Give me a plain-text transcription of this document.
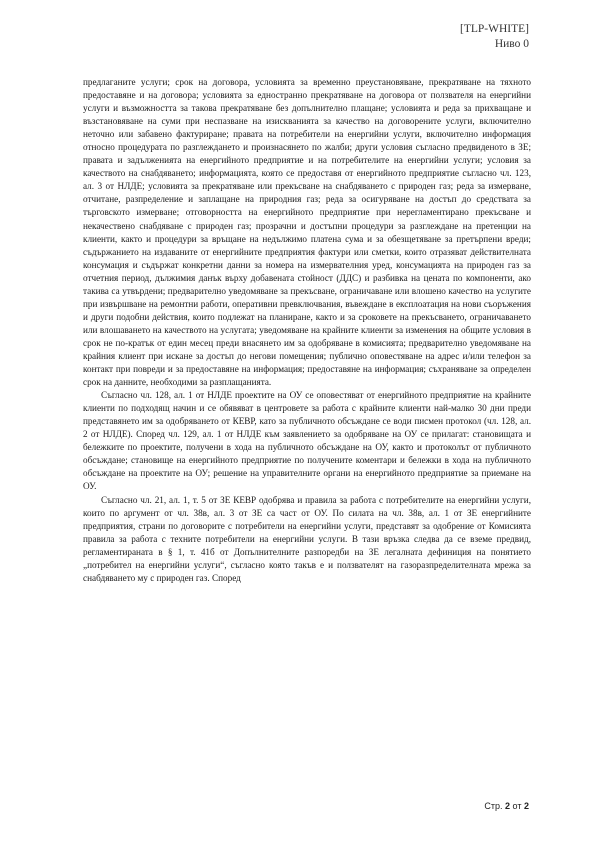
[TLP-WHITE]
Ниво 0

предлаганите услуги; срок на договора, условията за временно преустановяване, прекратяване на тяхното предоставяне и на договора; условията за едностранно прекратяване на договора от ползвателя на енергийни услуги и възможността за такова прекратяване без допълнително плащане; условията и реда за прихващане и възстановяване на суми при неспазване на изискванията за качество на договорените услуги, включително неточно или забавено фактуриране; правата на потребители на енергийни услуги, включително информация относно процедурата по разглеждането и произнасянето по жалби; други условия съгласно предвиденото в ЗЕ; правата и задълженията на енергийното предприятие и на потребителите на енергийни услуги; условия за качеството на снабдяването; информацията, която се предоставя от енергийното предприятие съгласно чл. 123, ал. 3 от НЛДЕ; условията за прекратяване или прекъсване на снабдяването с природен газ; реда за измерване, отчитане, разпределение и заплащане на природния газ; реда за осигуряване на достъп до средствата за търговското измерване; отговорността на енергийното предприятие при нерегламентирано прекъсване и некачествено снабдяване с природен газ; прозрачни и достъпни процедури за разглеждане на претенции на клиенти, както и процедури за връщане на недължимо платена сума и за обезщетяване за претърпени вреди; съдържанието на издаваните от енергийните предприятия фактури или сметки, които отразяват действителната консумация и съдържат конкретни данни за номера на измервателния уред, консумацията на природен газ за отчетния период, дължимия данък върху добавената стойност (ДДС) и разбивка на цената по компоненти, ако такива са утвърдени; предварително уведомяване за прекъсване, ограничаване или влошено качество на услугите при извършване на ремонтни работи, оперативни превключвания, въвеждане в експлоатация на нови съоръжения и други подобни действия, които подлежат на планиране, както и за сроковете на прекъсването, ограничаването или влошаването на качеството на услугата; уведомяване на крайните клиенти за изменения на общите условия в срок не по-кратък от един месец преди внасянето им за одобряване в комисията; предварително уведомяване на крайния клиент при искане за достъп до негови помещения; публично оповестяване на адрес и/или телефон за контакт при повреди и за предоставяне на информация; предоставяне на информация; съхраняване за определен срок на данните, необходими за разплащанията.

Съгласно чл. 128, ал. 1 от НЛДЕ проектите на ОУ се оповестяват от енергийното предприятие на крайните клиенти по подходящ начин и се обявяват в центровете за работа с крайните клиенти най-малко 30 дни преди представянето им за одобряването от КЕВР, като за публичното обсъждане се води писмен протокол (чл. 128, ал. 2 от НЛДЕ). Според чл. 129, ал. 1 от НЛДЕ към заявлението за одобряване на ОУ се прилагат: становищата и бележките по проектите, получени в хода на публичното обсъждане на ОУ, както и протоколът от публичното обсъждане; становище на енергийното предприятие по получените коментари и бележки в хода на публичното обсъждане на проектите на ОУ; решение на управителните органи на енергийното предприятие за приемане на ОУ.

Съгласно чл. 21, ал. 1, т. 5 от ЗЕ КЕВР одобрява и правила за работа с потребителите на енергийни услуги, които по аргумент от чл. 38в, ал. 3 от ЗЕ са част от ОУ. По силата на чл. 38в, ал. 1 от ЗЕ енергийните предприятия, страни по договорите с потребители на енергийни услуги, представят за одобрение от Комисията правила за работа с техните потребители на енергийни услуги. В тази връзка следва да се вземе предвид, регламентираната в § 1, т. 41б от Допълнителните разпоредби на ЗЕ легалната дефиниция на понятието „потребител на енергийни услуги“, съгласно която такъв е и ползвателят на газоразпределителната мрежа за снабдяването му с природен газ. Според

Стр. 2 от 2
